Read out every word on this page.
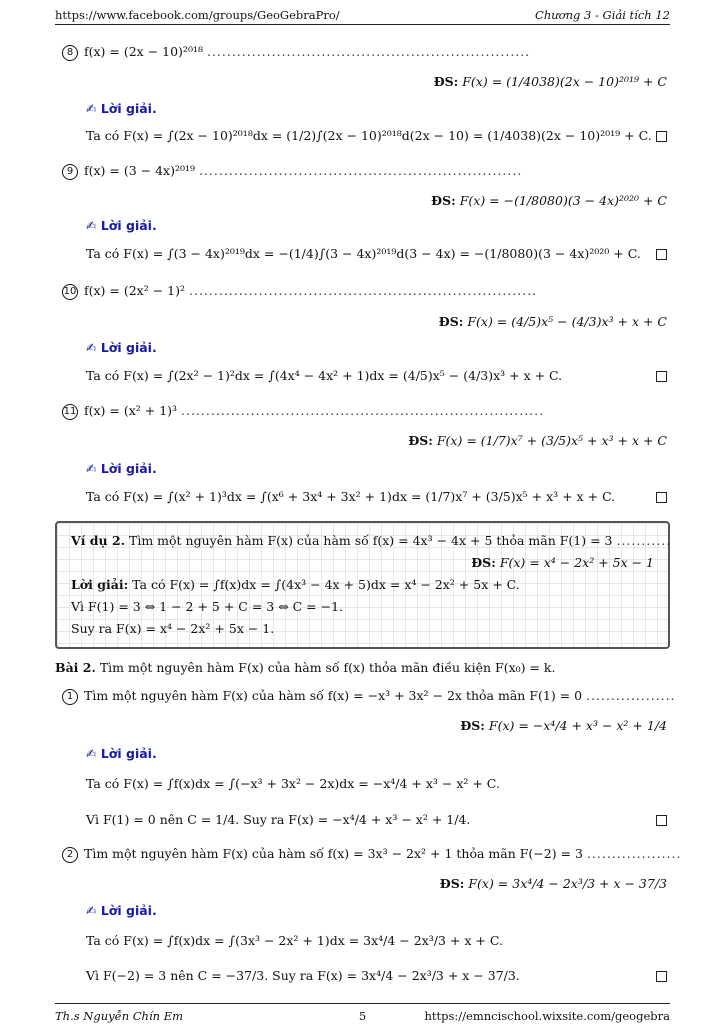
https://www.facebook.com/groups/GeoGebraPro/	Chương 3 - Giải tích 12
8 f(x) = (2x − 10)²⁰¹⁸ .................................................................
ĐS: F(x) = (1/4038)(2x − 10)²⁰¹⁹ + C
✍ Lời giải.
Ta có F(x) = ∫(2x − 10)²⁰¹⁸dx = (1/2)∫(2x − 10)²⁰¹⁸d(2x − 10) = (1/4038)(2x − 10)²⁰¹⁹ + C.
9 f(x) = (3 − 4x)²⁰¹⁹ .................................................................
ĐS: F(x) = −(1/8080)(3 − 4x)²⁰²⁰ + C
✍ Lời giải.
Ta có F(x) = ∫(3 − 4x)²⁰¹⁹dx = −(1/4)∫(3 − 4x)²⁰¹⁹d(3 − 4x) = −(1/8080)(3 − 4x)²⁰²⁰ + C.
10 f(x) = (2x² − 1)² ......................................................................
ĐS: F(x) = (4/5)x⁵ − (4/3)x³ + x + C
✍ Lời giải.
Ta có F(x) = ∫(2x² − 1)²dx = ∫(4x⁴ − 4x² + 1)dx = (4/5)x⁵ − (4/3)x³ + x + C.
11 f(x) = (x² + 1)³ .........................................................................
ĐS: F(x) = (1/7)x⁷ + (3/5)x⁵ + x³ + x + C
✍ Lời giải.
Ta có F(x) = ∫(x² + 1)³dx = ∫(x⁶ + 3x⁴ + 3x² + 1)dx = (1/7)x⁷ + (3/5)x⁵ + x³ + x + C.
Ví dụ 2. Tìm một nguyên hàm F(x) của hàm số f(x) = 4x³ − 4x + 5 thỏa mãn F(1) = 3 ...........
ĐS: F(x) = x⁴ − 2x² + 5x − 1
Lời giải: Ta có F(x) = ∫f(x)dx = ∫(4x³ − 4x + 5)dx = x⁴ − 2x² + 5x + C.
Vì F(1) = 3 ⇔ 1 − 2 + 5 + C = 3 ⇔ C = −1.
Suy ra F(x) = x⁴ − 2x² + 5x − 1.
Bài 2. Tìm một nguyên hàm F(x) của hàm số f(x) thỏa mãn điều kiện F(x₀) = k.
1 Tìm một nguyên hàm F(x) của hàm số f(x) = −x³ + 3x² − 2x thỏa mãn F(1) = 0 ..................
ĐS: F(x) = −x⁴/4 + x³ − x² + 1/4
✍ Lời giải.
Ta có F(x) = ∫f(x)dx = ∫(−x³ + 3x² − 2x)dx = −x⁴/4 + x³ − x² + C.
Vì F(1) = 0 nên C = 1/4. Suy ra F(x) = −x⁴/4 + x³ − x² + 1/4.
2 Tìm một nguyên hàm F(x) của hàm số f(x) = 3x³ − 2x² + 1 thỏa mãn F(−2) = 3 ...................
ĐS: F(x) = 3x⁴/4 − 2x³/3 + x − 37/3
✍ Lời giải.
Ta có F(x) = ∫f(x)dx = ∫(3x³ − 2x² + 1)dx = 3x⁴/4 − 2x³/3 + x + C.
Vì F(−2) = 3 nên C = −37/3. Suy ra F(x) = 3x⁴/4 − 2x³/3 + x − 37/3.
Th.s Nguyễn Chín Em	5	https://emncischool.wixsite.com/geogebra
